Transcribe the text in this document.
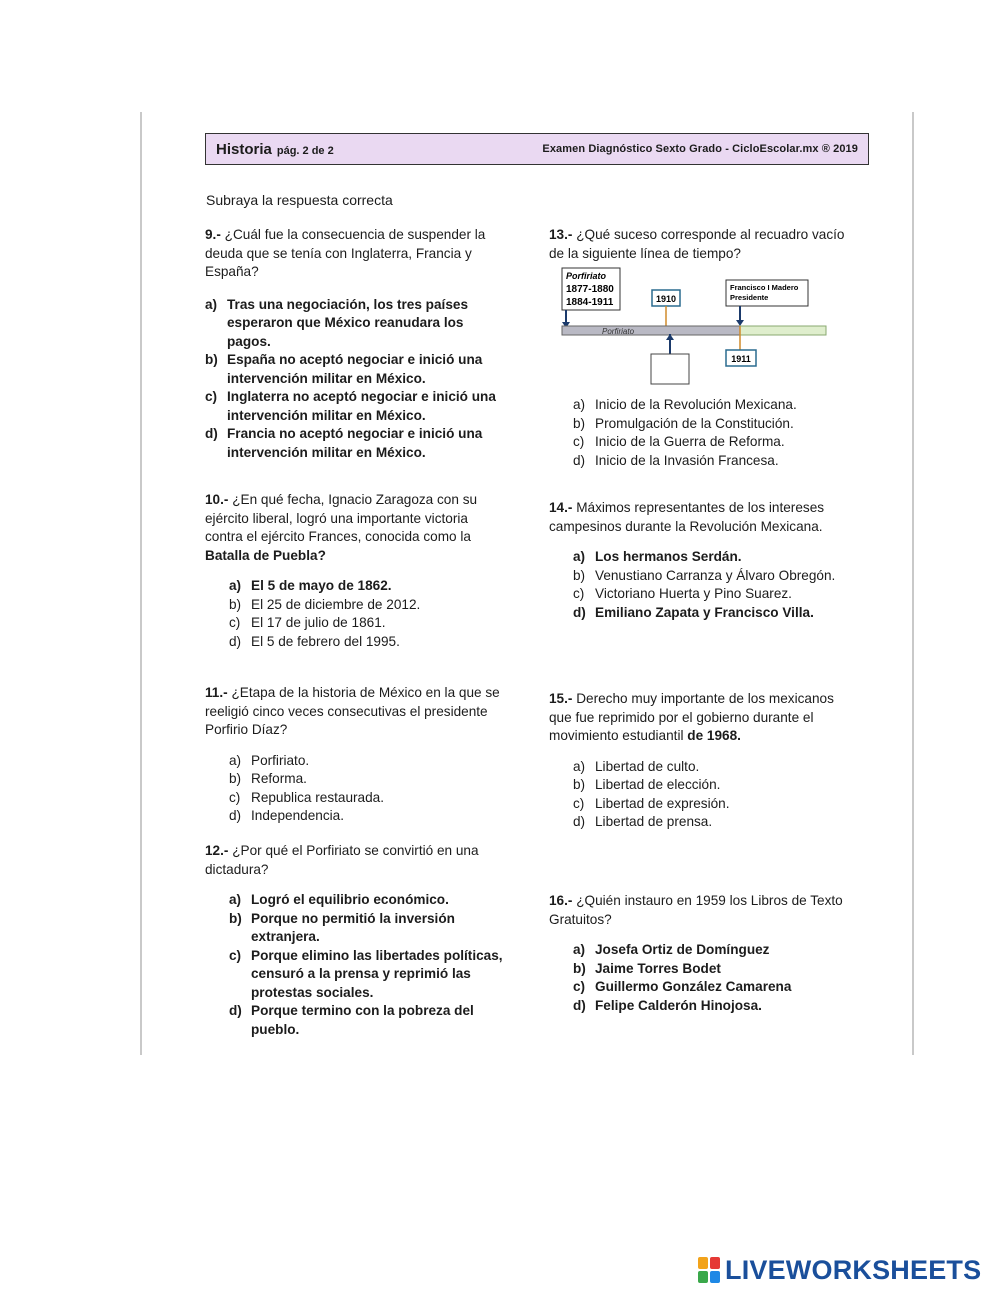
Historia pág. 2 de 2	Examen Diagnóstico Sexto Grado - CicloEscolar.mx ® 2019
Subraya la respuesta correcta

9.- ¿Cuál fue la consecuencia de suspender la deuda que se tenía con Inglaterra, Francia y España?

a) Tras una negociación, los tres países esperaron que México reanudara los pagos.
b) España no aceptó negociar e inició una intervención militar en México.
c) Inglaterra no aceptó negociar e inició una intervención militar en México.
d) Francia no aceptó negociar e inició una intervención militar en México.

10.- ¿En qué fecha, Ignacio Zaragoza con su ejército liberal, logró una importante victoria contra el ejército Frances, conocida como la Batalla de Puebla?

a) El 5 de mayo de 1862.
b) El 25 de diciembre de 2012.
c) El 17 de julio de 1861.
d) El 5 de febrero del 1995.

11.- ¿Etapa de la historia de México en la que se reeligió cinco veces consecutivas el presidente Porfirio Díaz?

a) Porfiriato.
b) Reforma.
c) Republica restaurada.
d) Independencia.

12.- ¿Por qué el Porfiriato se convirtió en una dictadura?

a) Logró el equilibrio económico.
b) Porque no permitió la inversión extranjera.
c) Porque elimino las libertades políticas, censuró a la prensa y reprimió las protestas sociales.
d) Porque termino con la pobreza del pueblo.

13.- ¿Qué suceso corresponde al recuadro vacío de la siguiente línea de tiempo?

Porfiriato
1877-1880
1884-1911	1910
Francisco I Madero
Presidente
Porfiriato
1911
a) Inicio de la Revolución Mexicana.
b) Promulgación de la Constitución.
c) Inicio de la Guerra de Reforma.
d) Inicio de la Invasión Francesa.

14.- Máximos representantes de los intereses campesinos durante la Revolución Mexicana.

a) Los hermanos Serdán.
b) Venustiano Carranza y Álvaro Obregón.
c) Victoriano Huerta y Pino Suarez.
d) Emiliano Zapata y Francisco Villa.

15.- Derecho muy importante de los mexicanos que fue reprimido por el gobierno durante el movimiento estudiantil de 1968.

a) Libertad de culto.
b) Libertad de elección.
c) Libertad de expresión.
d) Libertad de prensa.

16.- ¿Quién instauro en 1959 los Libros de Texto Gratuitos?

a) Josefa Ortiz de Domínguez
b) Jaime Torres Bodet
c) Guillermo González Camarena
d) Felipe Calderón Hinojosa.
LIVEWORKSHEETS
